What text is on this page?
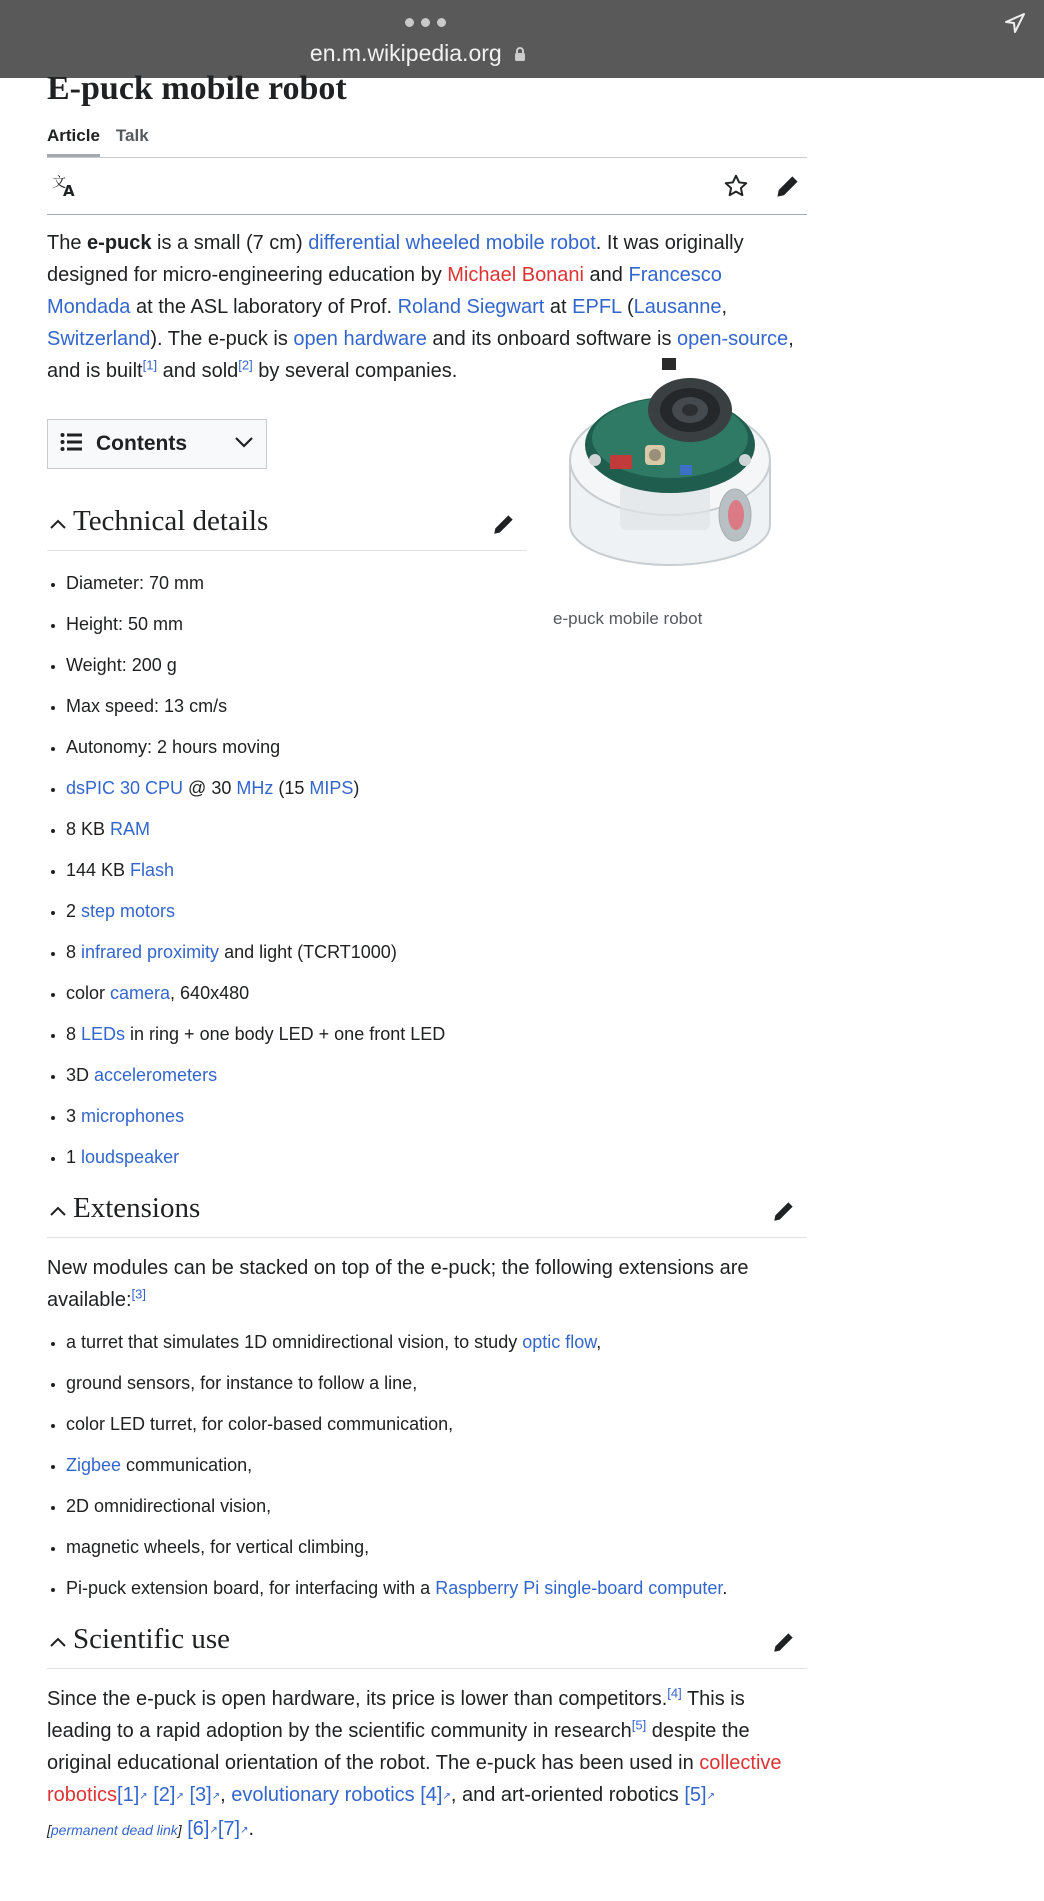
en.m.wikipedia.org
E-puck mobile robot
Article Talk
文
A

The e-puck is a small (7 cm) differential wheeled mobile robot. It was originally designed for micro-engineering education by Michael Bonani and Francesco Mondada at the ASL laboratory of Prof. Roland Siegwart at EPFL (Lausanne, Switzerland). The e-puck is open hardware and its onboard software is open-source, and is built[1] and sold[2] by several companies.

Contents
Technical details
• Diameter: 70 mm
• Height: 50 mm
• Weight: 200 g
• Max speed: 13 cm/s
• Autonomy: 2 hours moving
• dsPIC 30 CPU @ 30 MHz (15 MIPS)
• 8 KB RAM
• 144 KB Flash
• 2 step motors
• 8 infrared proximity and light (TCRT1000)
• color camera, 640x480
• 8 LEDs in ring + one body LED + one front LED
• 3D accelerometers
• 3 microphones
• 1 loudspeaker
Extensions

New modules can be stacked on top of the e-puck; the following extensions are available:[3]

• a turret that simulates 1D omnidirectional vision, to study optic flow,
• ground sensors, for instance to follow a line,
• color LED turret, for color-based communication,
• Zigbee communication,
• 2D omnidirectional vision,
• magnetic wheels, for vertical climbing,
• Pi-puck extension board, for interfacing with a Raspberry Pi single-board computer.
Scientific use

Since the e-puck is open hardware, its price is lower than competitors.[4] This is leading to a rapid adoption by the scientific community in research[5] despite the original educational orientation of the robot. The e-puck has been used in collective robotics[1]↗ [2]↗ [3]↗, evolutionary robotics [4]↗, and art-oriented robotics [5]↗
[permanent dead link] [6]↗[7]↗.

e-puck mobile robot
